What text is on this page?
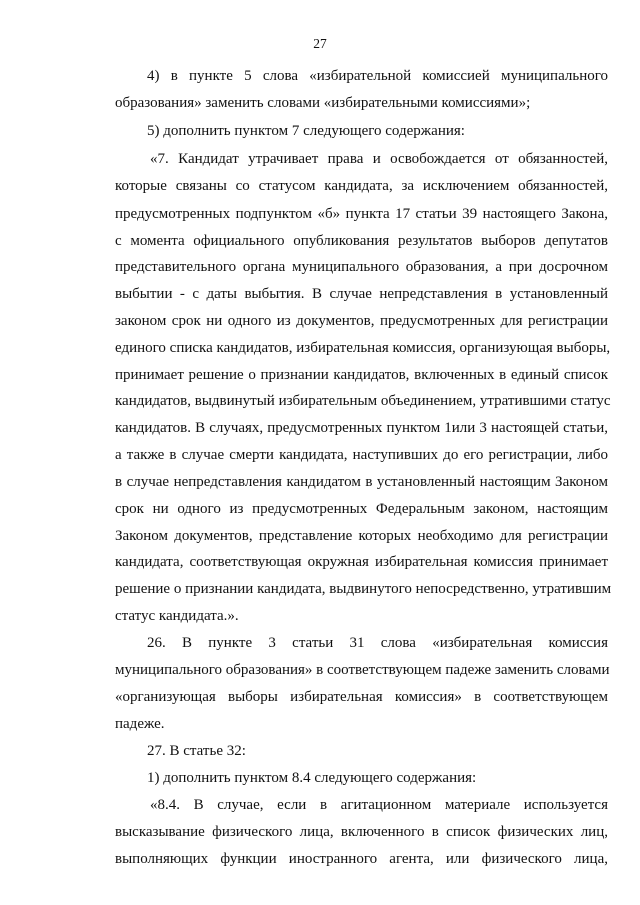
27
4) в пункте 5 слова «избирательной комиссией муниципального
образования» заменить словами «избирательными комиссиями»;
5) дополнить пунктом 7 следующего содержания:
«7. Кандидат утрачивает права и освобождается от обязанностей,
которые связаны со статусом кандидата, за исключением обязанностей,
предусмотренных подпунктом «б» пункта 17 статьи 39 настоящего Закона,
с момента официального опубликования результатов выборов депутатов
представительного органа муниципального образования, а при досрочном
выбытии - с даты выбытия. В случае непредставления в установленный
законом срок ни одного из документов, предусмотренных для регистрации
единого списка кандидатов, избирательная комиссия, организующая выборы,
принимает решение о признании кандидатов, включенных в единый список
кандидатов, выдвинутый избирательным объединением, утратившими статус
кандидатов. В случаях, предусмотренных пунктом 1или 3 настоящей статьи,
а также в случае смерти кандидата, наступивших до его регистрации, либо
в случае непредставления кандидатом в установленный настоящим Законом
срок ни одного из предусмотренных Федеральным законом, настоящим
Законом документов, представление которых необходимо для регистрации
кандидата, соответствующая окружная избирательная комиссия принимает
решение о признании кандидата, выдвинутого непосредственно, утратившим
статус кандидата.».
26. В пункте 3 статьи 31 слова «избирательная комиссия
муниципального образования» в соответствующем падеже заменить словами
«организующая выборы избирательная комиссия» в соответствующем
падеже.
27. В статье 32:
1) дополнить пунктом 8.4 следующего содержания:
«8.4. В случае, если в агитационном материале используется
высказывание физического лица, включенного в список физических лиц,
выполняющих функции иностранного агента, или физического лица,
